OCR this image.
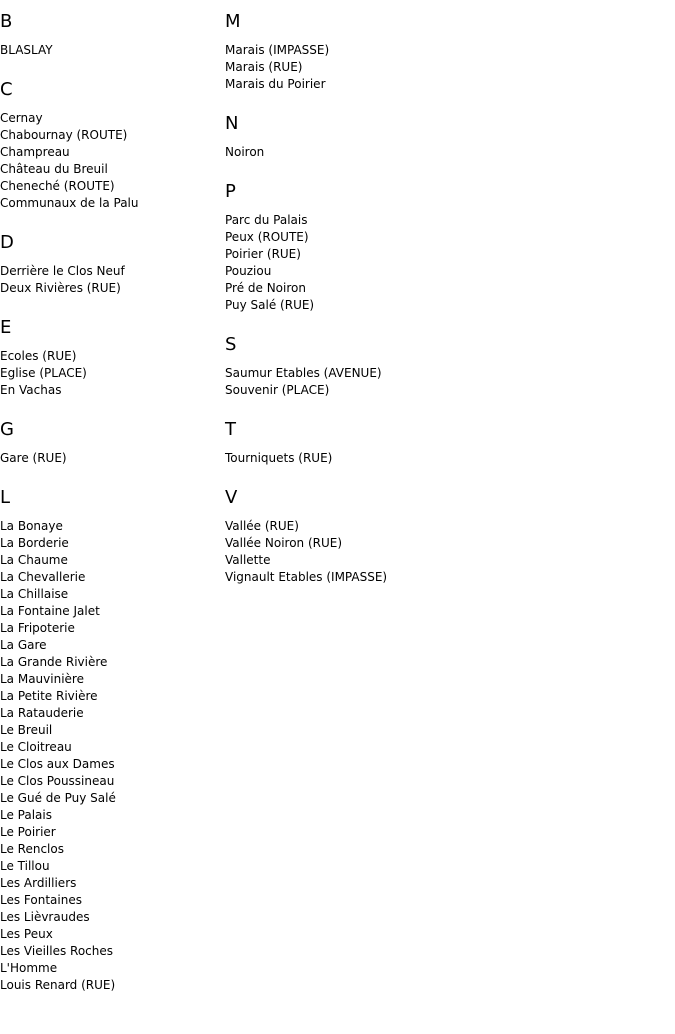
B
BLASLAY
C
Cernay
Chabournay (ROUTE)
Champreau
Château du Breuil
Cheneché (ROUTE)
Communaux de la Palu
D
Derrière le Clos Neuf
Deux Rivières (RUE)
E
Ecoles (RUE)
Eglise (PLACE)
En Vachas
G
Gare (RUE)
L
La Bonaye
La Borderie
La Chaume
La Chevallerie
La Chillaise
La Fontaine Jalet
La Fripoterie
La Gare
La Grande Rivière
La Mauvinière
La Petite Rivière
La Ratauderie
Le Breuil
Le Cloitreau
Le Clos aux Dames
Le Clos Poussineau
Le Gué de Puy Salé
Le Palais
Le Poirier
Le Renclos
Le Tillou
Les Ardilliers
Les Fontaines
Les Lièvraudes
Les Peux
Les Vieilles Roches
L'Homme
Louis Renard (RUE)
M
Marais (IMPASSE)
Marais (RUE)
Marais du Poirier
N
Noiron
P
Parc du Palais
Peux (ROUTE)
Poirier (RUE)
Pouziou
Pré de Noiron
Puy Salé (RUE)
S
Saumur Etables (AVENUE)
Souvenir (PLACE)
T
Tourniquets (RUE)
V
Vallée (RUE)
Vallée Noiron (RUE)
Vallette
Vignault Etables (IMPASSE)
